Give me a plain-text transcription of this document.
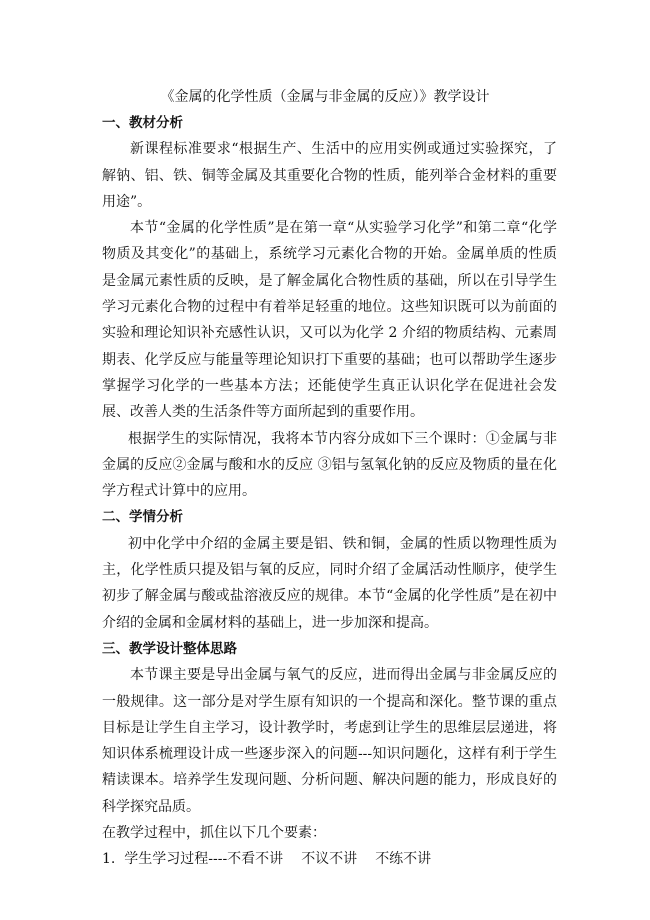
《金属的化学性质（金属与非金属的反应）》教学设计

一、教材分析

新课程标准要求“根据生产、生活中的应用实例或通过实验探究，了解钠、铝、铁、铜等金属及其重要化合物的性质，能列举合金材料的重要用途”。

本节“金属的化学性质”是在第一章“从实验学习化学”和第二章“化学物质及其变化”的基础上，系统学习元素化合物的开始。金属单质的性质是金属元素性质的反映，是了解金属化合物性质的基础，所以在引导学生学习元素化合物的过程中有着举足轻重的地位。这些知识既可以为前面的实验和理论知识补充感性认识，又可以为化学 2 介绍的物质结构、元素周期表、化学反应与能量等理论知识打下重要的基础；也可以帮助学生逐步掌握学习化学的一些基本方法；还能使学生真正认识化学在促进社会发展、改善人类的生活条件等方面所起到的重要作用。

根据学生的实际情况，我将本节内容分成如下三个课时：①金属与非金属的反应②金属与酸和水的反应 ③铝与氢氧化钠的反应及物质的量在化学方程式计算中的应用。

二、学情分析

初中化学中介绍的金属主要是铝、铁和铜，金属的性质以物理性质为主，化学性质只提及铝与氧的反应，同时介绍了金属活动性顺序，使学生初步了解金属与酸或盐溶液反应的规律。本节“金属的化学性质”是在初中介绍的金属和金属材料的基础上，进一步加深和提高。

三、教学设计整体思路

本节课主要是导出金属与氧气的反应，进而得出金属与非金属反应的一般规律。这一部分是对学生原有知识的一个提高和深化。整节课的重点目标是让学生自主学习，设计教学时，考虑到让学生的思维层层递进，将知识体系梳理设计成一些逐步深入的问题---知识问题化，这样有利于学生精读课本。培养学生发现问题、分析问题、解决问题的能力，形成良好的科学探究品质。

在教学过程中，抓住以下几个要素：

1. 学生学习过程----不看不讲 不议不讲 不练不讲
